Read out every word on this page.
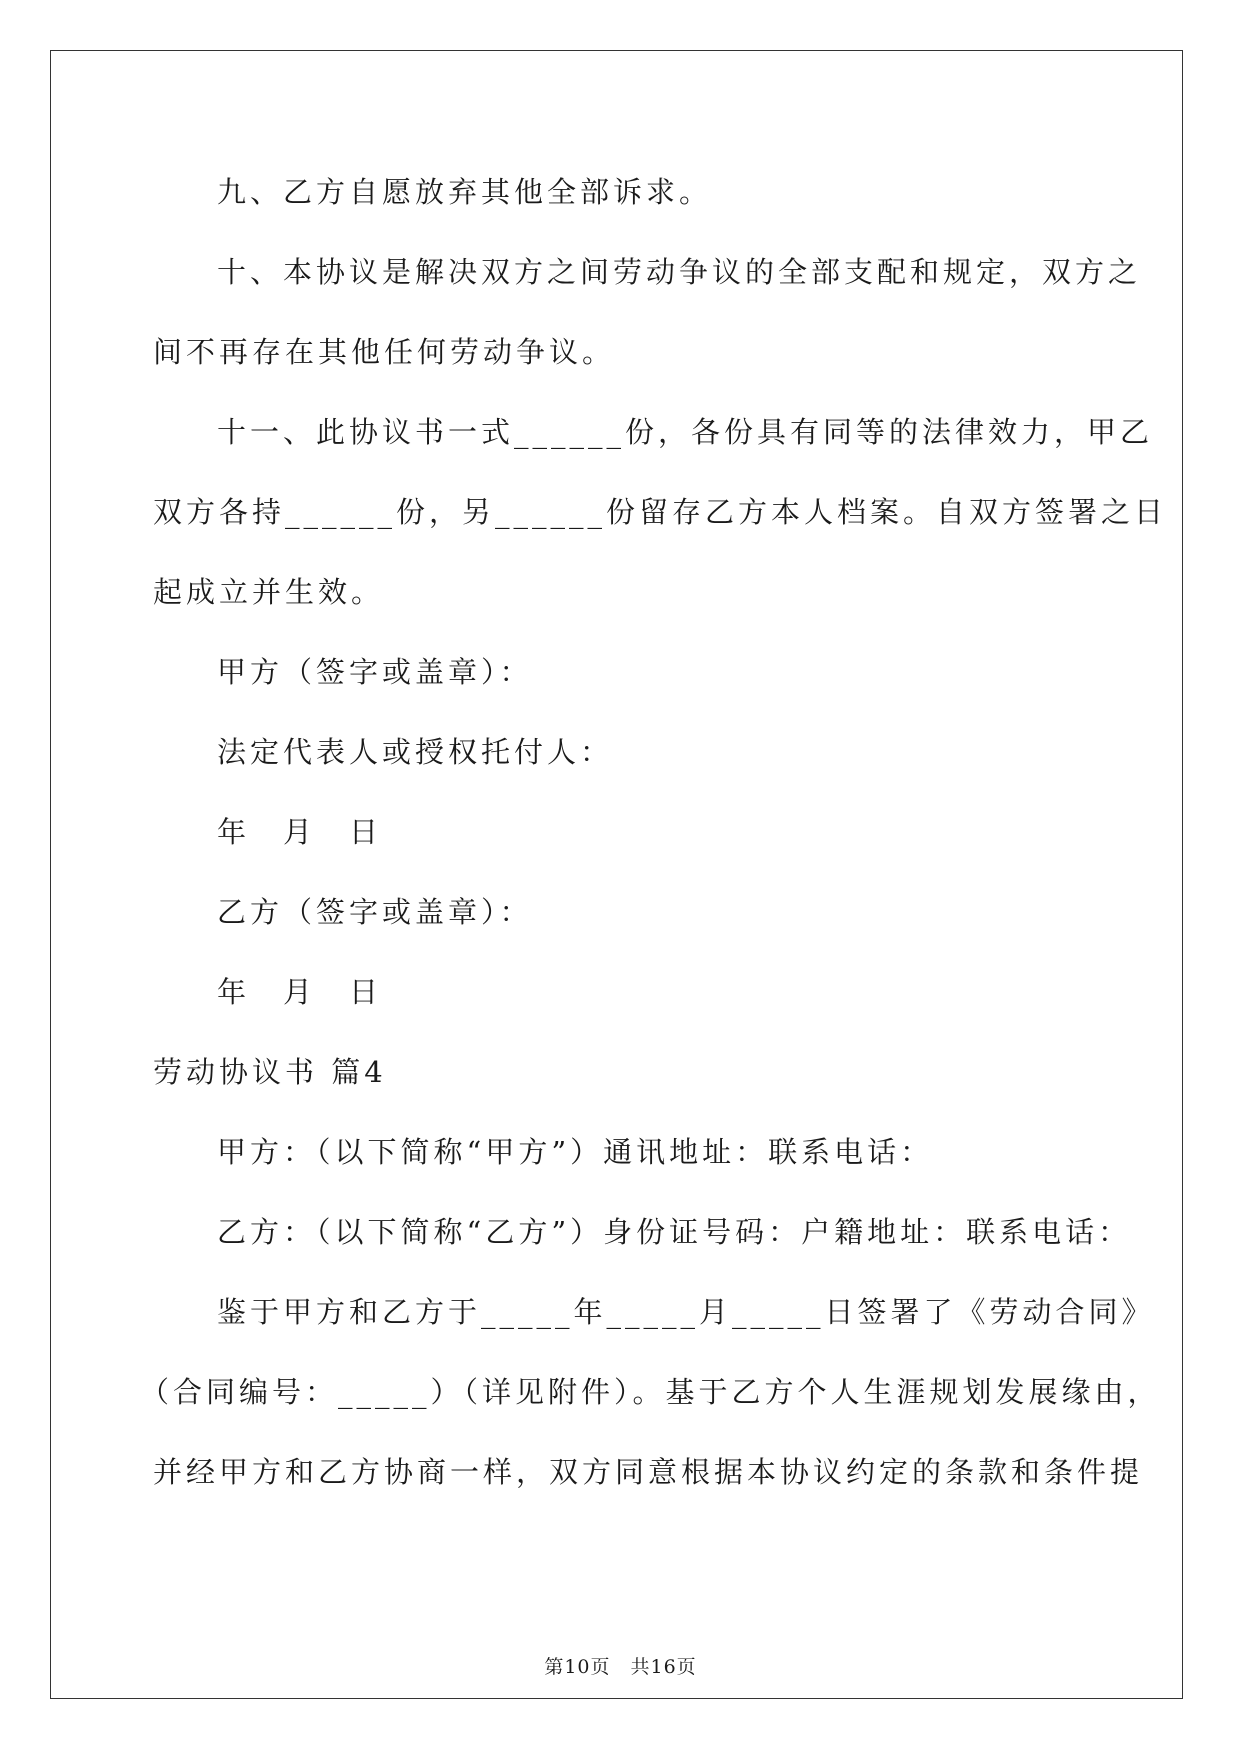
九、乙方自愿放弃其他全部诉求。
十、本协议是解决双方之间劳动争议的全部支配和规定，双方之
间不再存在其他任何劳动争议。
十一、此协议书一式______份，各份具有同等的法律效力，甲乙
双方各持______份，另______份留存乙方本人档案。自双方签署之日
起成立并生效。
甲方（签字或盖章）：
法定代表人或授权托付人：
年　月　日
乙方（签字或盖章）：
年　月　日
劳动协议书 篇4
甲方：（以下简称“甲方”）通讯地址：联系电话：
乙方：（以下简称“乙方”）身份证号码：户籍地址：联系电话：
鉴于甲方和乙方于_____年_____月_____日签署了《劳动合同》
（合同编号：_____）（详见附件）。基于乙方个人生涯规划发展缘由，
并经甲方和乙方协商一样，双方同意根据本协议约定的条款和条件提
第10页　共16页
